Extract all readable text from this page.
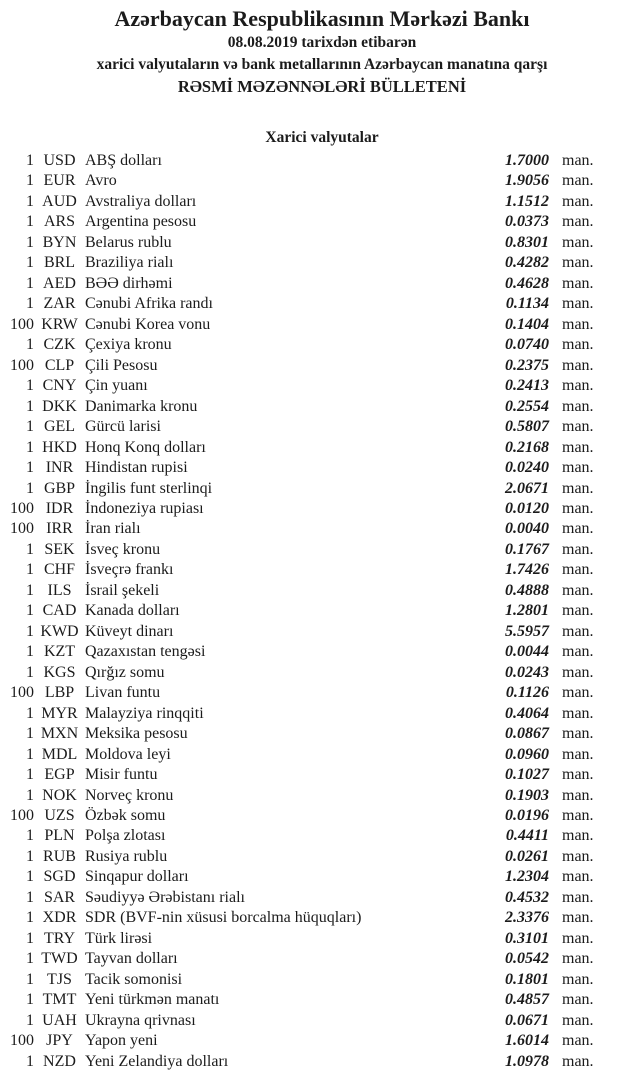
Azərbaycan Respublikasının Mərkəzi Bankı
08.08.2019 tarixdən etibarən
xarici valyutaların və bank metallarının Azərbaycan manatına qarşı
RƏSMİ MƏZƏNNƏLƏRİ BÜLLETENİ
Xarici valyutalar
1 USD ABŞ dolları	1.7000 man.
1 EUR Avro	1.9056 man.
1 AUD Avstraliya dolları	1.1512 man.
1 ARS Argentina pesosu	0.0373 man.
1 BYN Belarus rublu	0.8301 man.
1 BRL Braziliya rialı	0.4282 man.
1 AED BƏƏ dirhəmi	0.4628 man.
1 ZAR Cənubi Afrika randı	0.1134 man.
100 KRW Cənubi Korea vonu	0.1404 man.
1 CZK Çexiya kronu	0.0740 man.
100 CLP Çili Pesosu	0.2375 man.
1 CNY Çin yuanı	0.2413 man.
1 DKK Danimarka kronu	0.2554 man.
1 GEL Gürcü larisi	0.5807 man.
1 HKD Honq Konq dolları	0.2168 man.
1 INR Hindistan rupisi	0.0240 man.
1 GBP İngilis funt sterlinqi	2.0671 man.
100 IDR İndoneziya rupiası	0.0120 man.
100 IRR İran rialı	0.0040 man.
1 SEK İsveç kronu	0.1767 man.
1 CHF İsveçrə frankı	1.7426 man.
1 ILS İsrail şekeli	0.4888 man.
1 CAD Kanada dolları	1.2801 man.
1 KWD Küveyt dinarı	5.5957 man.
1 KZT Qazaxıstan tengəsi	0.0044 man.
1 KGS Qırğız somu	0.0243 man.
100 LBP Livan funtu	0.1126 man.
1 MYR Malayziya rinqqiti	0.4064 man.
1 MXN Meksika pesosu	0.0867 man.
1 MDL Moldova leyi	0.0960 man.
1 EGP Misir funtu	0.1027 man.
1 NOK Norveç kronu	0.1903 man.
100 UZS Özbək somu	0.0196 man.
1 PLN Polşa zlotası	0.4411 man.
1 RUB Rusiya rublu	0.0261 man.
1 SGD Sinqapur dolları	1.2304 man.
1 SAR Səudiyyə Ərəbistanı rialı	0.4532 man.
1 XDR SDR (BVF-nin xüsusi borcalma hüquqları)	2.3376 man.
1 TRY Türk lirəsi	0.3101 man.
1 TWD Tayvan dolları	0.0542 man.
1 TJS Tacik somonisi	0.1801 man.
1 TMT Yeni türkmən manatı	0.4857 man.
1 UAH Ukrayna qrivnası	0.0671 man.
100 JPY Yapon yeni	1.6014 man.
1 NZD Yeni Zelandiya dolları	1.0978 man.
